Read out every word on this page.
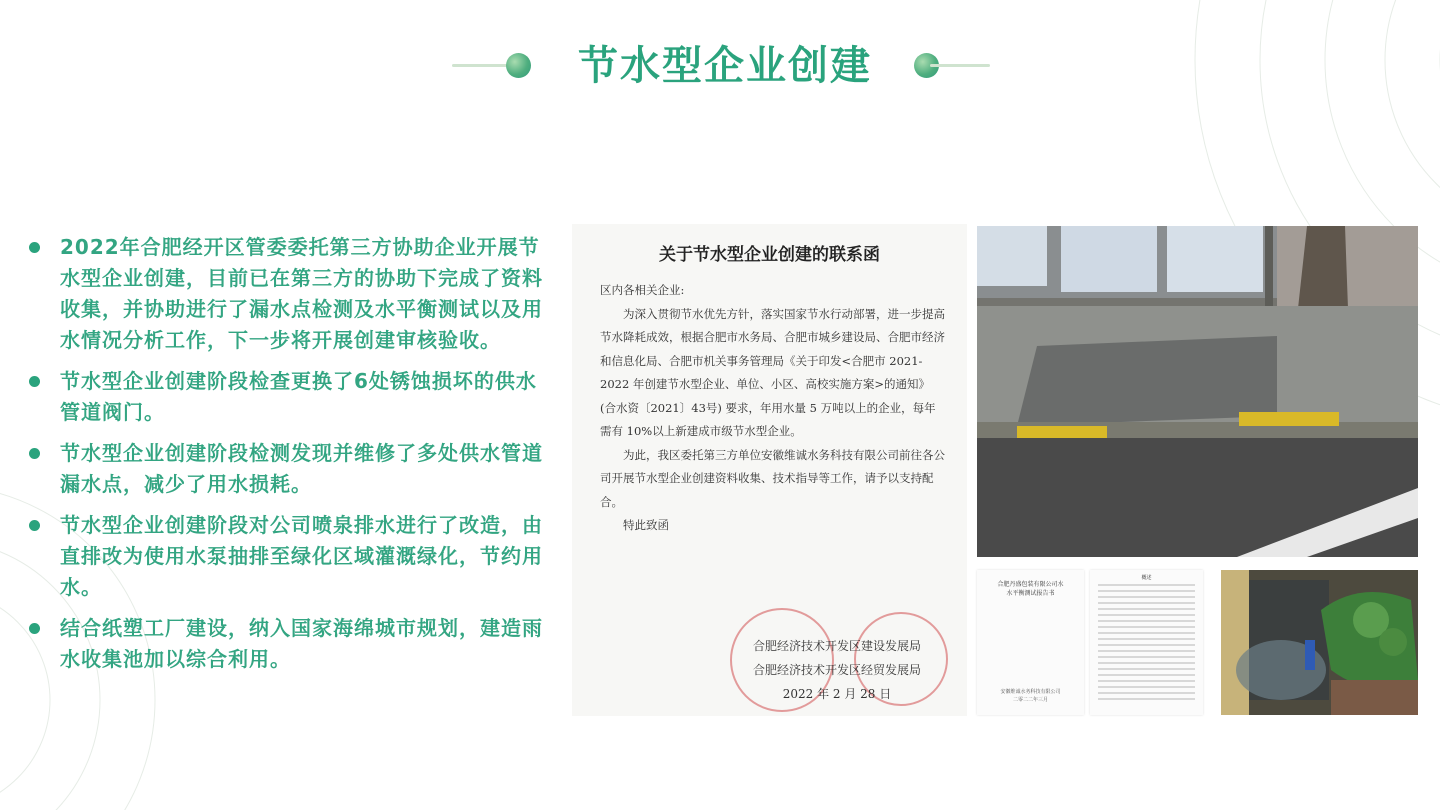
节水型企业创建
2022年合肥经开区管委委托第三方协助企业开展节水型企业创建，目前已在第三方的协助下完成了资料收集，并协助进行了漏水点检测及水平衡测试以及用水情况分析工作，下一步将开展创建审核验收。
节水型企业创建阶段检查更换了6处锈蚀损坏的供水管道阀门。
节水型企业创建阶段检测发现并维修了多处供水管道漏水点，减少了用水损耗。
节水型企业创建阶段对公司喷泉排水进行了改造，由直排改为使用水泵抽排至绿化区域灌溉绿化，节约用水。
结合纸塑工厂建设，纳入国家海绵城市规划，建造雨水收集池加以综合利用。
关于节水型企业创建的联系函

区内各相关企业:

为深入贯彻节水优先方针，落实国家节水行动部署，进一步提高节水降耗成效，根据合肥市水务局、合肥市城乡建设局、合肥市经济和信息化局、合肥市机关事务管理局《关于印发<合肥市 2021-2022 年创建节水型企业、单位、小区、高校实施方案>的通知》(合水资〔2021〕43号) 要求，年用水量 5 万吨以上的企业，每年需有 10%以上新建成市级节水型企业。

为此，我区委托第三方单位安徽维诚水务科技有限公司前往各公司开展节水型企业创建资料收集、技术指导等工作，请予以支持配合。

特此致函

合肥经济技术开发区建设发展局
合肥经济技术开发区经贸发展局
2022 年 2 月 28 日
合肥丹盛包装有限公司水
水平衡测试报告书
安徽维诚水务科技有限公司
二零二二年三月
概述
